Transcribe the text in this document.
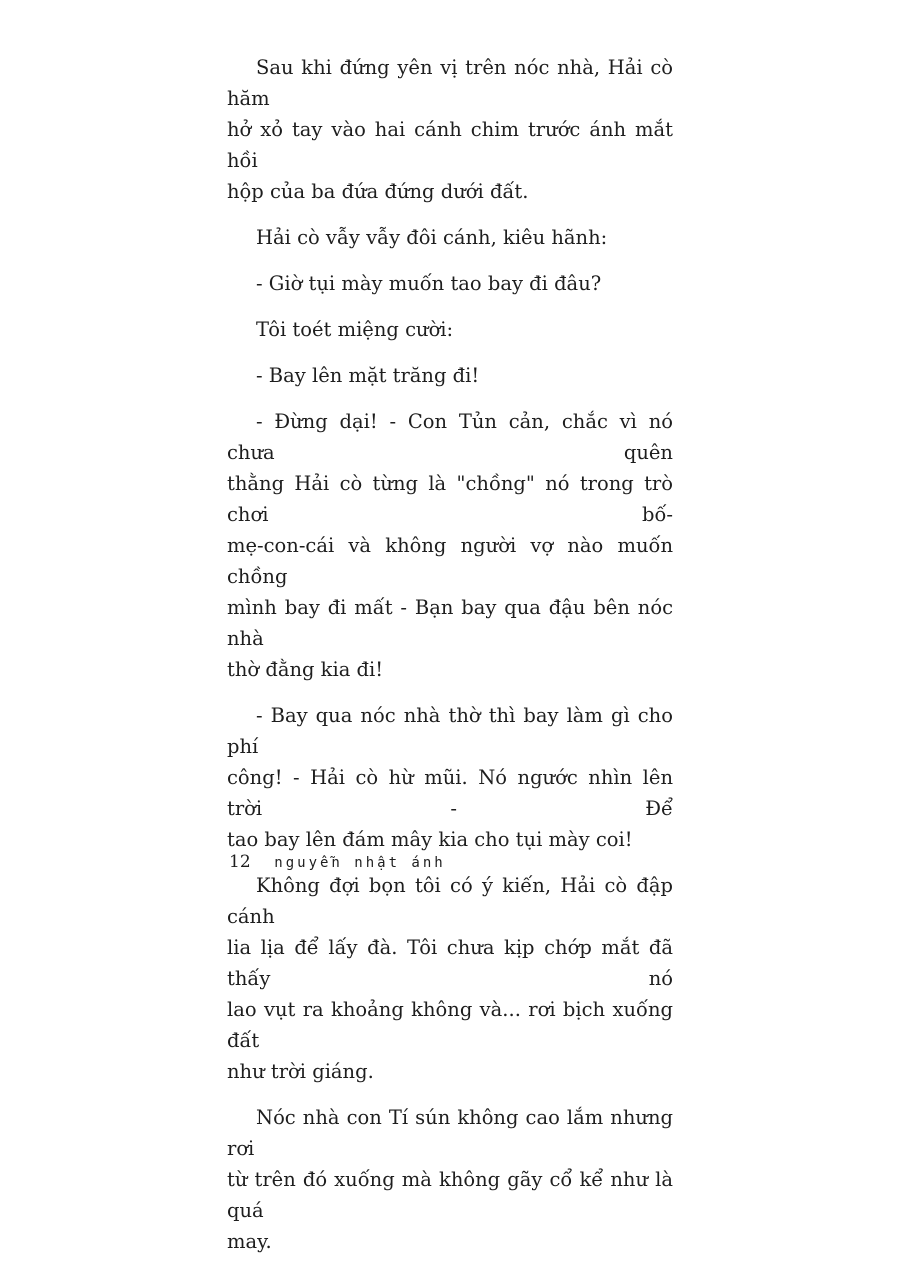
Sau khi đứng yên vị trên nóc nhà, Hải cò hăm
hở xỏ tay vào hai cánh chim trước ánh mắt hồi
hộp của ba đứa đứng dưới đất.

Hải cò vẫy vẫy đôi cánh, kiêu hãnh:

- Giờ tụi mày muốn tao bay đi đâu?

Tôi toét miệng cười:

- Bay lên mặt trăng đi!

- Đừng dại! - Con Tủn cản, chắc vì nó chưa quên
thằng Hải cò từng là "chồng" nó trong trò chơi bố-
mẹ-con-cái và không người vợ nào muốn chồng
mình bay đi mất - Bạn bay qua đậu bên nóc nhà
thờ đằng kia đi!

- Bay qua nóc nhà thờ thì bay làm gì cho phí
công! - Hải cò hừ mũi. Nó ngước nhìn lên trời - Để
tao bay lên đám mây kia cho tụi mày coi!

Không đợi bọn tôi có ý kiến, Hải cò đập cánh
lia lịa để lấy đà. Tôi chưa kịp chớp mắt đã thấy nó
lao vụt ra khoảng không và... rơi bịch xuống đất
như trời giáng.

Nóc nhà con Tí sún không cao lắm nhưng rơi
từ trên đó xuống mà không gãy cổ kể như là quá
may.

12 nguyễn nhật ánh
